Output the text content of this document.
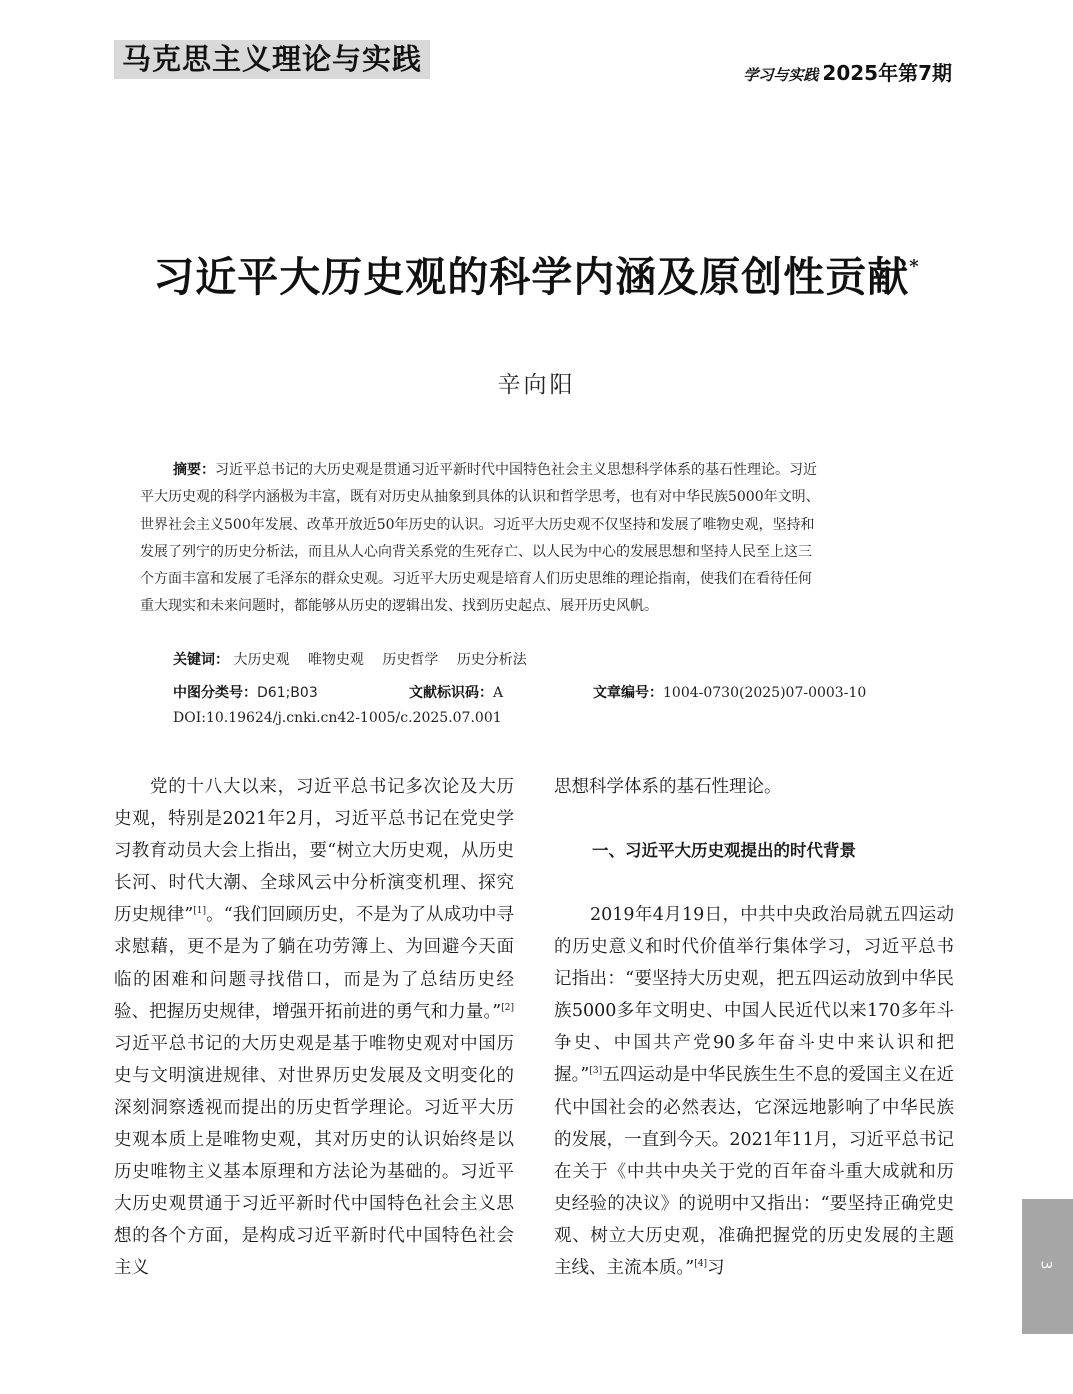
马克思主义理论与实践	学习与实践 2025年第7期
习近平大历史观的科学内涵及原创性贡献*
辛向阳
摘要：习近平总书记的大历史观是贯通习近平新时代中国特色社会主义思想科学体系的基石性理论。习近
平大历史观的科学内涵极为丰富，既有对历史从抽象到具体的认识和哲学思考，也有对中华民族5000年文明、
世界社会主义500年发展、改革开放近50年历史的认识。习近平大历史观不仅坚持和发展了唯物史观，坚持和
发展了列宁的历史分析法，而且从人心向背关系党的生死存亡、以人民为中心的发展思想和坚持人民至上这三
个方面丰富和发展了毛泽东的群众史观。习近平大历史观是培育人们历史思维的理论指南，使我们在看待任何
重大现实和未来问题时，都能够从历史的逻辑出发、找到历史起点、展开历史风帆。
关键词： 大历史观 唯物史观 历史哲学 历史分析法
中图分类号：D61;B03	文献标识码：A	文章编号：1004-0730(2025)07-0003-10
DOI:10.19624/j.cnki.cn42-1005/c.2025.07.001

党的十八大以来，习近平总书记多次论及大历史观，特别是2021年2月，习近平总书记在党史学习教育动员大会上指出，要“树立大历史观，从历史长河、时代大潮、全球风云中分析演变机理、探究历史规律”[1]。“我们回顾历史，不是为了从成功中寻求慰藉，更不是为了躺在功劳簿上、为回避今天面临的困难和问题寻找借口，而是为了总结历史经验、把握历史规律，增强开拓前进的勇气和力量。”[2]习近平总书记的大历史观是基于唯物史观对中国历史与文明演进规律、对世界历史发展及文明变化的深刻洞察透视而提出的历史哲学理论。习近平大历史观本质上是唯物史观，其对历史的认识始终是以历史唯物主义基本原理和方法论为基础的。习近平大历史观贯通于习近平新时代中国特色社会主义思想的各个方面，是构成习近平新时代中国特色社会主义

思想科学体系的基石性理论。

一、习近平大历史观提出的时代背景

2019年4月19日，中共中央政治局就五四运动的历史意义和时代价值举行集体学习，习近平总书记指出：“要坚持大历史观，把五四运动放到中华民族5000多年文明史、中国人民近代以来170多年斗争史、中国共产党90多年奋斗史中来认识和把握。”[3]五四运动是中华民族生生不息的爱国主义在近代中国社会的必然表达，它深远地影响了中华民族的发展，一直到今天。2021年11月，习近平总书记在关于《中共中央关于党的百年奋斗重大成就和历史经验的决议》的说明中又指出：“要坚持正确党史观、树立大历史观，准确把握党的历史发展的主题主线、主流本质。”[4]习	3
